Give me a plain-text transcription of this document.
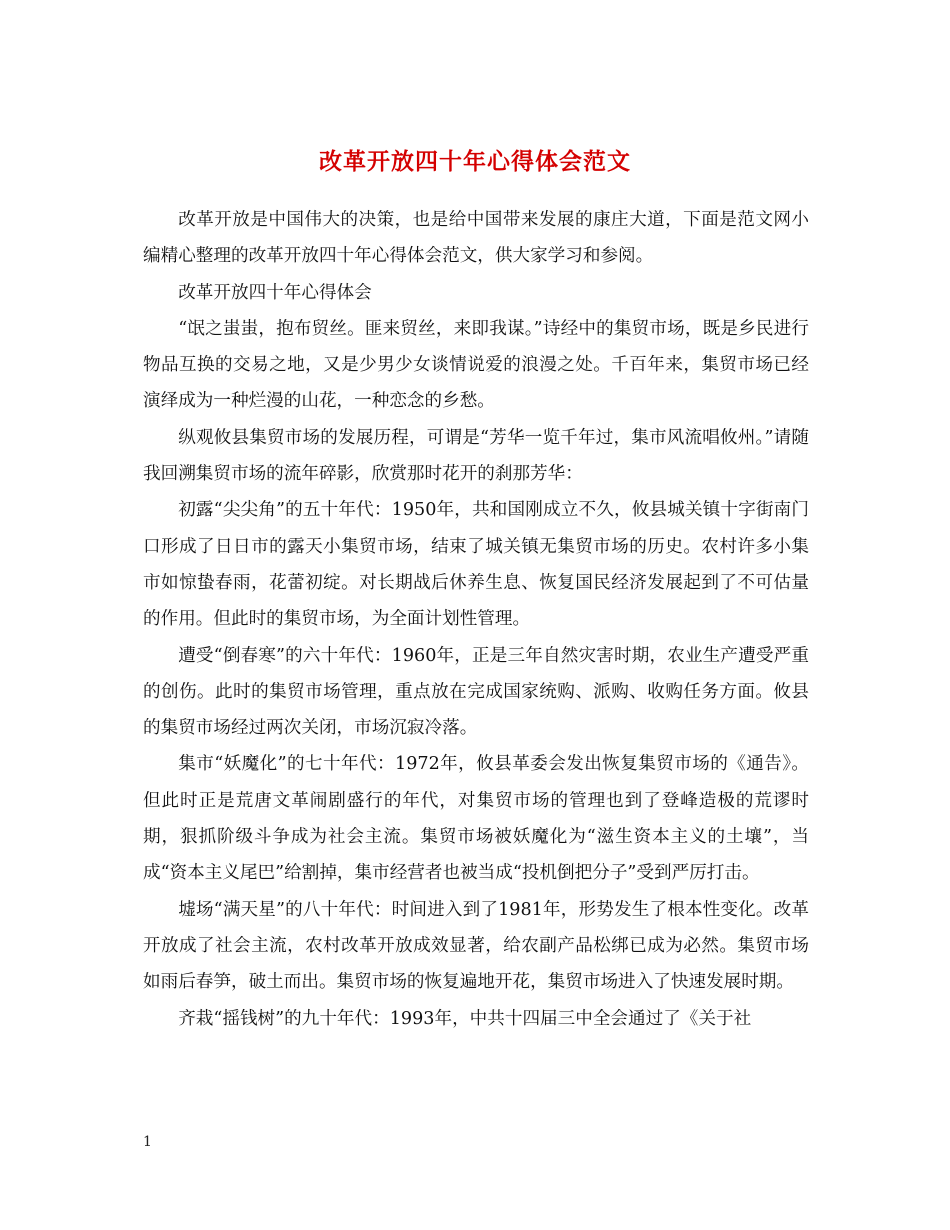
改革开放四十年心得体会范文

改革开放是中国伟大的决策，也是给中国带来发展的康庄大道，下面是范文网小编精心整理的改革开放四十年心得体会范文，供大家学习和参阅。

改革开放四十年心得体会

“氓之蚩蚩，抱布贸丝。匪来贸丝，来即我谋。”诗经中的集贸市场，既是乡民进行物品互换的交易之地，又是少男少女谈情说爱的浪漫之处。千百年来，集贸市场已经演绎成为一种烂漫的山花，一种恋念的乡愁。

纵观攸县集贸市场的发展历程，可谓是“芳华一览千年过，集市风流唱攸州。”请随我回溯集贸市场的流年碎影，欣赏那时花开的刹那芳华：

初露“尖尖角”的五十年代：1950年，共和国刚成立不久，攸县城关镇十字街南门口形成了日日市的露天小集贸市场，结束了城关镇无集贸市场的历史。农村许多小集市如惊蛰春雨，花蕾初绽。对长期战后休养生息、恢复国民经济发展起到了不可估量的作用。但此时的集贸市场，为全面计划性管理。

遭受“倒春寒”的六十年代：1960年，正是三年自然灾害时期，农业生产遭受严重的创伤。此时的集贸市场管理，重点放在完成国家统购、派购、收购任务方面。攸县的集贸市场经过两次关闭，市场沉寂冷落。

集市“妖魔化”的七十年代：1972年，攸县革委会发出恢复集贸市场的《通告》。但此时正是荒唐文革闹剧盛行的年代，对集贸市场的管理也到了登峰造极的荒谬时期，狠抓阶级斗争成为社会主流。集贸市场被妖魔化为“滋生资本主义的土壤”，当成“资本主义尾巴”给割掉，集市经营者也被当成“投机倒把分子”受到严厉打击。

墟场“满天星”的八十年代：时间进入到了1981年，形势发生了根本性变化。改革开放成了社会主流，农村改革开放成效显著，给农副产品松绑已成为必然。集贸市场如雨后春笋，破土而出。集贸市场的恢复遍地开花，集贸市场进入了快速发展时期。

齐栽“摇钱树”的九十年代：1993年，中共十四届三中全会通过了《关于社

1
